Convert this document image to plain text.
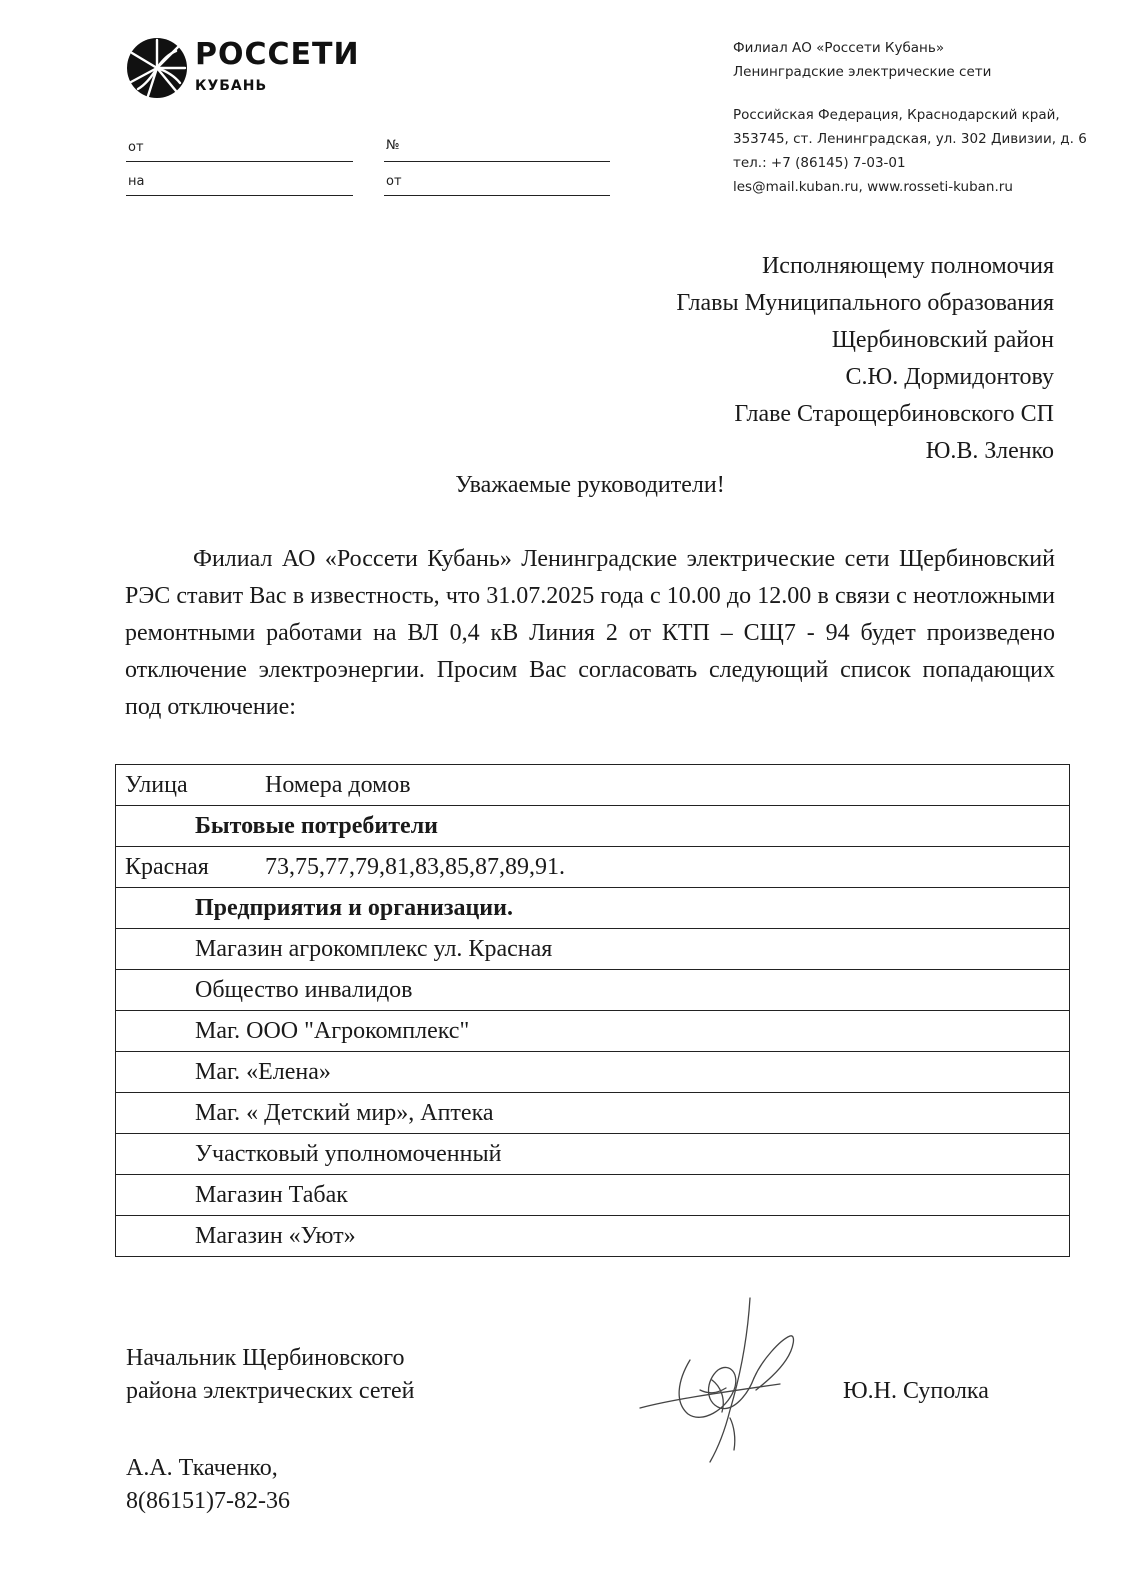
РОССЕТИ
КУБАНЬ
от	№
на	от
Филиал АО «Россети Кубань»
Ленинградские электрические сети
Российская Федерация, Краснодарский край,
353745, ст. Ленинградская, ул. 302 Дивизии, д. 6
тел.: +7 (86145) 7-03-01
les@mail.kuban.ru, www.rosseti-kuban.ru
Исполняющему полномочия
Главы Муниципального образования
Щербиновский район
С.Ю. Дормидонтову
Главе Старощербиновского СП
Ю.В. Зленко
Уважаемые руководители!

Филиал АО «Россети Кубань» Ленинградские электрические сети Щербиновский РЭС ставит Вас в известность, что 31.07.2025 года с 10.00 до 12.00 в связи с неотложными ремонтными работами на ВЛ 0,4 кВ Линия 2 от КТП – СЩ7 - 94 будет произведено отключение электроэнергии. Просим Вас согласовать следующий список попадающих под отключение:

Улица	Номера домов

Бытовые потребители

Красная 73,75,77,79,81,83,85,87,89,91.

Предприятия и организации.

Магазин агрокомплекс ул. Красная

Общество инвалидов

Маг. ООО "Агрокомплекс"

Маг. «Елена»

Маг. « Детский мир», Аптека

Участковый уполномоченный

Магазин Табак

Магазин «Уют»
Начальник Щербиновского
района электрических сетей	Ю.Н. Суполка
А.А. Ткаченко,
8(86151)7-82-36
